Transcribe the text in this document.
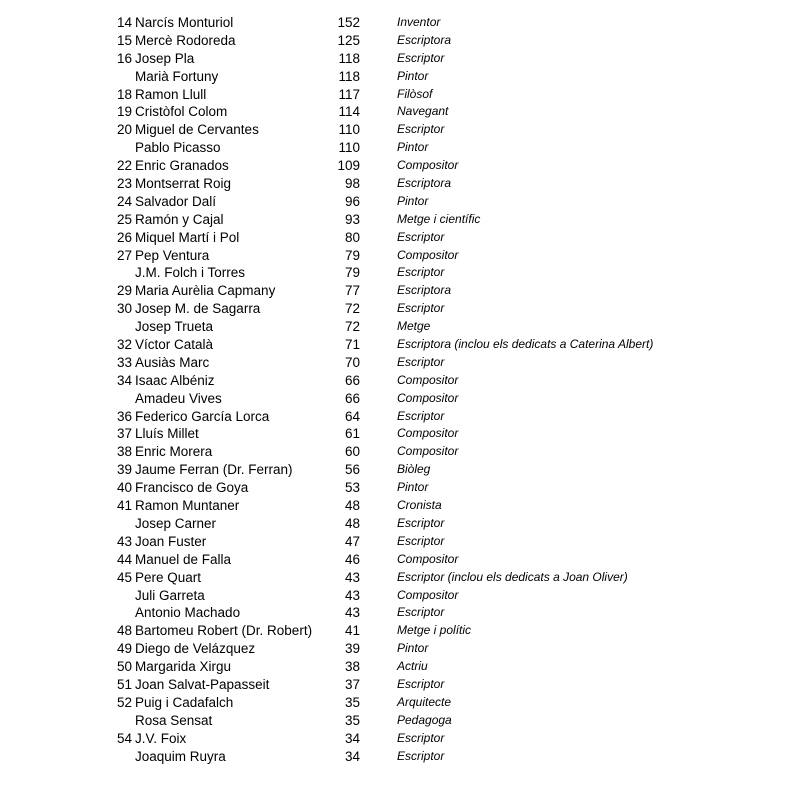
14 Narcís Monturiol	152	Inventor
15 Mercè Rodoreda	125	Escriptora
16 Josep Pla	118	Escriptor
Marià Fortuny	118	Pintor
18 Ramon Llull	117	Filòsof
19 Cristòfol Colom	114	Navegant
20 Miguel de Cervantes	110	Escriptor
Pablo Picasso	110	Pintor
22 Enric Granados	109	Compositor
23 Montserrat Roig	98	Escriptora
24 Salvador Dalí	96	Pintor
25 Ramón y Cajal	93	Metge i científic
26 Miquel Martí i Pol	80	Escriptor
27 Pep Ventura	79	Compositor
J.M. Folch i Torres	79	Escriptor
29 Maria Aurèlia Capmany	77	Escriptora
30 Josep M. de Sagarra	72	Escriptor
Josep Trueta	72	Metge
32 Víctor Català	71	Escriptora (inclou els dedicats a Caterina Albert)
33 Ausiàs Marc	70	Escriptor
34 Isaac Albéniz	66	Compositor
Amadeu Vives	66	Compositor
36 Federico García Lorca	64	Escriptor
37 Lluís Millet	61	Compositor
38 Enric Morera	60	Compositor
39 Jaume Ferran (Dr. Ferran)	56	Biòleg
40 Francisco de Goya	53	Pintor
41 Ramon Muntaner	48	Cronista
Josep Carner	48	Escriptor
43 Joan Fuster	47	Escriptor
44 Manuel de Falla	46	Compositor
45 Pere Quart	43	Escriptor (inclou els dedicats a Joan Oliver)
Juli Garreta	43	Compositor
Antonio Machado	43	Escriptor
48 Bartomeu Robert (Dr. Robert)	41	Metge i polític
49 Diego de Velázquez	39	Pintor
50 Margarida Xirgu	38	Actriu
51 Joan Salvat-Papasseit	37	Escriptor
52 Puig i Cadafalch	35	Arquitecte
Rosa Sensat	35	Pedagoga
54 J.V. Foix	34	Escriptor
Joaquim Ruyra	34	Escriptor
